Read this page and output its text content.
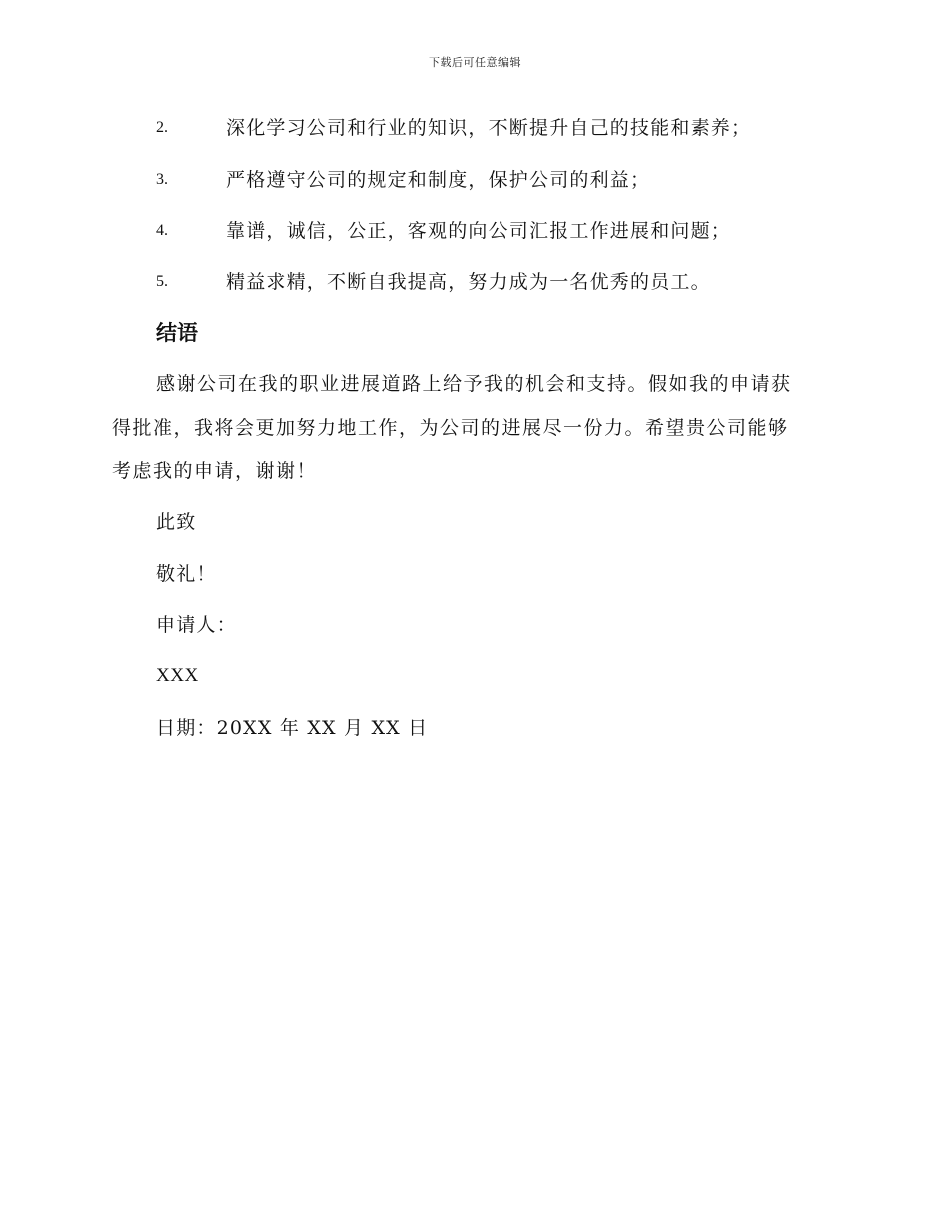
下载后可任意编辑
2.	深化学习公司和行业的知识，不断提升自己的技能和素养；
3.	严格遵守公司的规定和制度，保护公司的利益；
4.	靠谱，诚信，公正，客观的向公司汇报工作进展和问题；
5.	精益求精，不断自我提高，努力成为一名优秀的员工。
结语
感谢公司在我的职业进展道路上给予我的机会和支持。假如我的申请获
得批准，我将会更加努力地工作，为公司的进展尽一份力。希望贵公司能够
考虑我的申请，谢谢！
此致
敬礼！
申请人：
XXX
日期：20XX 年 XX 月 XX 日
